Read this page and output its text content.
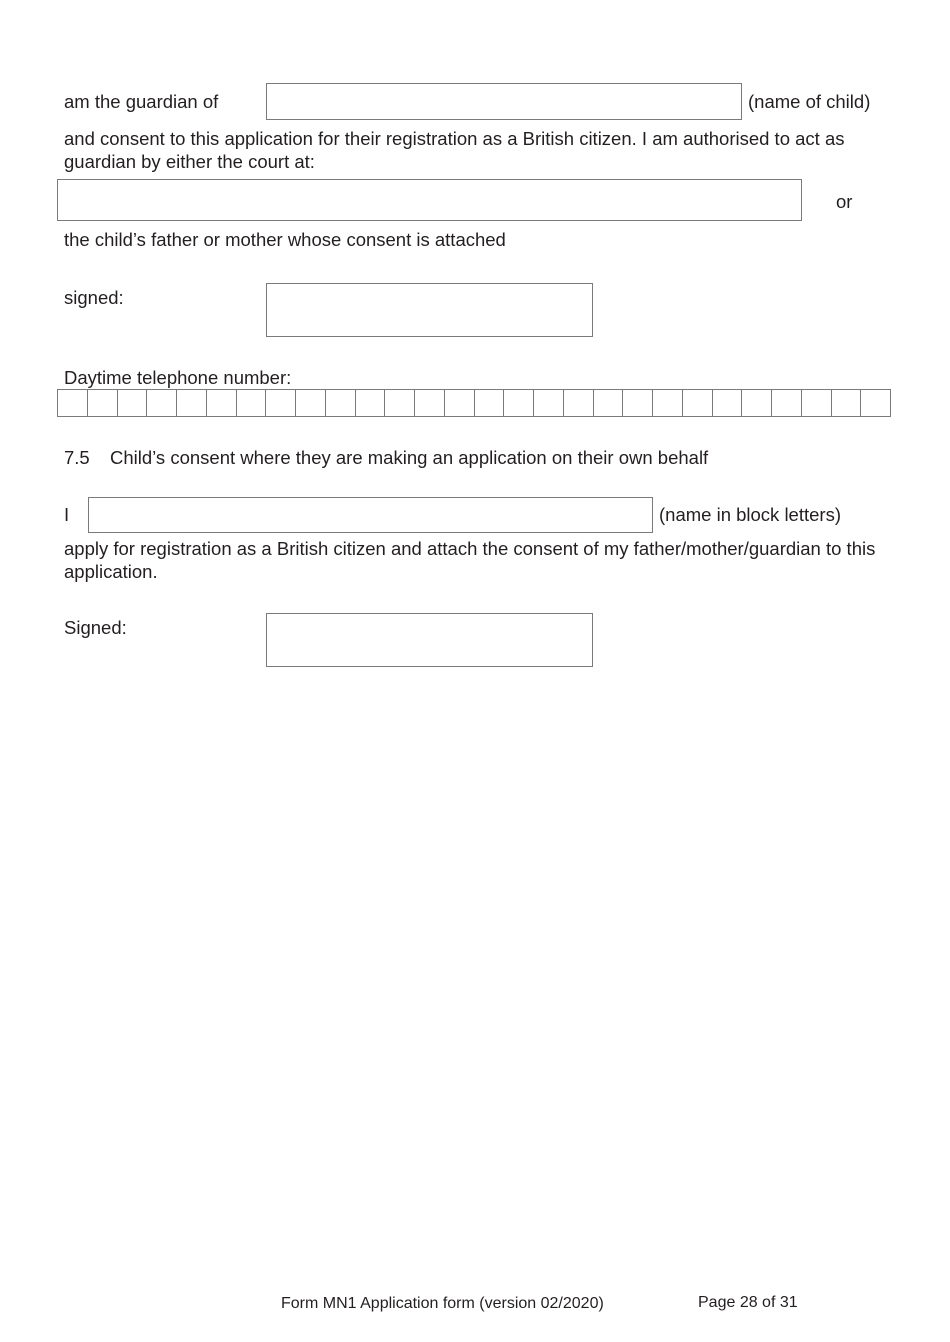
am the guardian of	(name of child)
and consent to this application for their registration as a British citizen. I am authorised to act as guardian by either the court at:
or
the child’s father or mother whose consent is attached
signed:
Daytime telephone number:
7.5 Child’s consent where they are making an application on their own behalf
I	(name in block letters)
apply for registration as a British citizen and attach the consent of my father/mother/guardian to this application.
Signed:
Form MN1 Application form (version 02/2020)	Page 28 of 31
